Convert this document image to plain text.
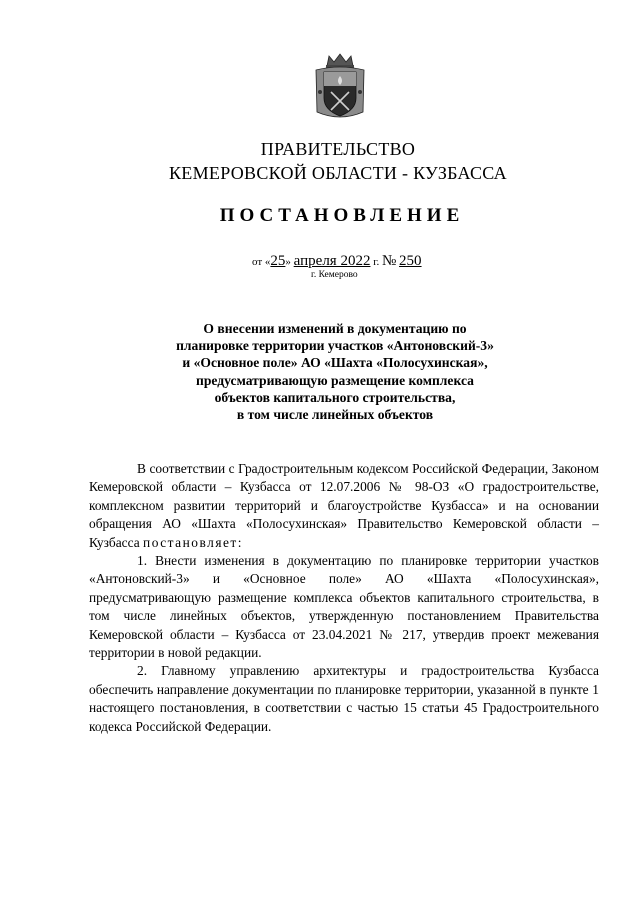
ПРАВИТЕЛЬСТВО
КЕМЕРОВСКОЙ ОБЛАСТИ - КУЗБАССА
ПОСТАНОВЛЕНИЕ
от «25» апреля 2022 г. № 250
г. Кемерово
О внесении изменений в документацию по
планировке территории участков «Антоновский-3»
и «Основное поле» АО «Шахта «Полосухинская»,
предусматривающую размещение комплекса
объектов капитального строительства,
в том числе линейных объектов

В соответствии с Градостроительным кодексом Российской Федерации, Законом Кемеровской области – Кузбасса от 12.07.2006 № 98-ОЗ «О градостроительстве, комплексном развитии территорий и благоустройстве Кузбасса» и на основании обращения АО «Шахта «Полосухинская» Правительство Кемеровской области – Кузбасса постановляет:

1. Внести изменения в документацию по планировке территории участков «Антоновский-3» и «Основное поле» АО «Шахта «Полосухинская», предусматривающую размещение комплекса объектов капитального строительства, в том числе линейных объектов, утвержденную постановлением Правительства Кемеровской области – Кузбасса от 23.04.2021 № 217, утвердив проект межевания территории в новой редакции.

2. Главному управлению архитектуры и градостроительства Кузбасса обеспечить направление документации по планировке территории, указанной в пункте 1 настоящего постановления, в соответствии с частью 15 статьи 45 Градостроительного кодекса Российской Федерации.
